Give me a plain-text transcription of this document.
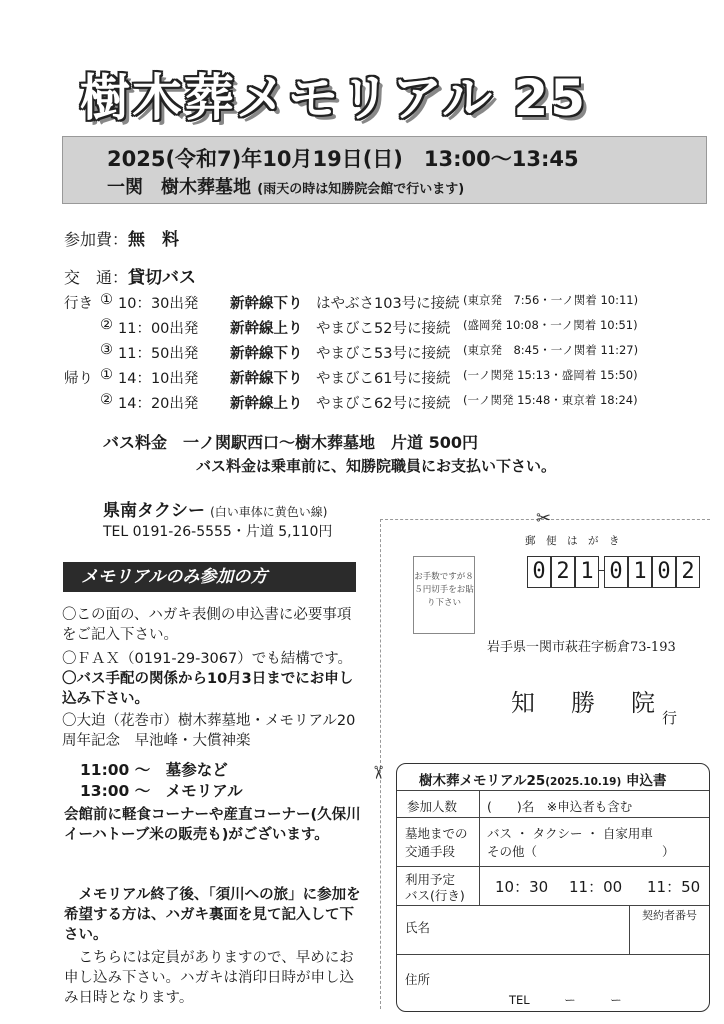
樹木葬メモリアル 25
2025(令和7)年10月19日(日)　13:00～13:45
一関　樹木葬墓地 (雨天の時は知勝院会館で行います)
参加費：無　料
交　通：貸切バス
行き
帰り
① 10：30出発 新幹線下り はやぶさ103号に接続 (東京発　7:56・一ノ関着 10:11)
② 11：00出発 新幹線上り やまびこ52号に接続 (盛岡発 10:08・一ノ関着 10:51)
③ 11：50出発 新幹線下り やまびこ53号に接続 (東京発　8:45・一ノ関着 11:27)
① 14：10出発 新幹線下り やまびこ61号に接続 (一ノ関発 15:13・盛岡着 15:50)
② 14：20出発 新幹線上り やまびこ62号に接続 (一ノ関発 15:48・東京着 18:24)
バス料金　一ノ関駅西口～樹木葬墓地　片道 500円
バス料金は乗車前に、知勝院職員にお支払い下さい。
県南タクシー (白い車体に黄色い線)
TEL 0191-26-5555・片道 5,110円
メモリアルのみ参加の方
〇この面の、ハガキ表側の申込書に必要事項をご記入下さい。
〇ＦＡＸ（0191-29-3067）でも結構です。
〇バス手配の関係から10月3日までにお申し込み下さい。
〇大迫（花巻市）樹木葬墓地・メモリアル20周年記念　早池峰・大償神楽
11:00 ～　墓参など
13:00 ～　メモリアル
会館前に軽食コーナーや産直コーナー(久保川イーハトーブ米の販売も)がございます。
メモリアル終了後、「須川への旅」に参加を希望する方は、ハガキ裏面を見て記入して下さい。
こちらには定員がありますので、早めにお申し込み下さい。ハガキは消印日時が申し込み日時となります。
✂
✂
郵　便　は　が　き
お手数ですが８５円切手をお貼り下さい
0 2 1 0 1 0 2
岩手県一関市萩荘字栃倉73-193
知　勝　院
行
樹木葬メモリアル25(2025.10.19) 申込書
参加人数 (　　)名　※申込者も含む
墓地までの
交通手段
バス ・ タクシー ・ 自家用車
その他（　　　　　　　　　　）
利用予定
バス(行き) 10：30 11：00 11：50
契約者番号
氏名
住所
TEL　　　ー　　　ー
